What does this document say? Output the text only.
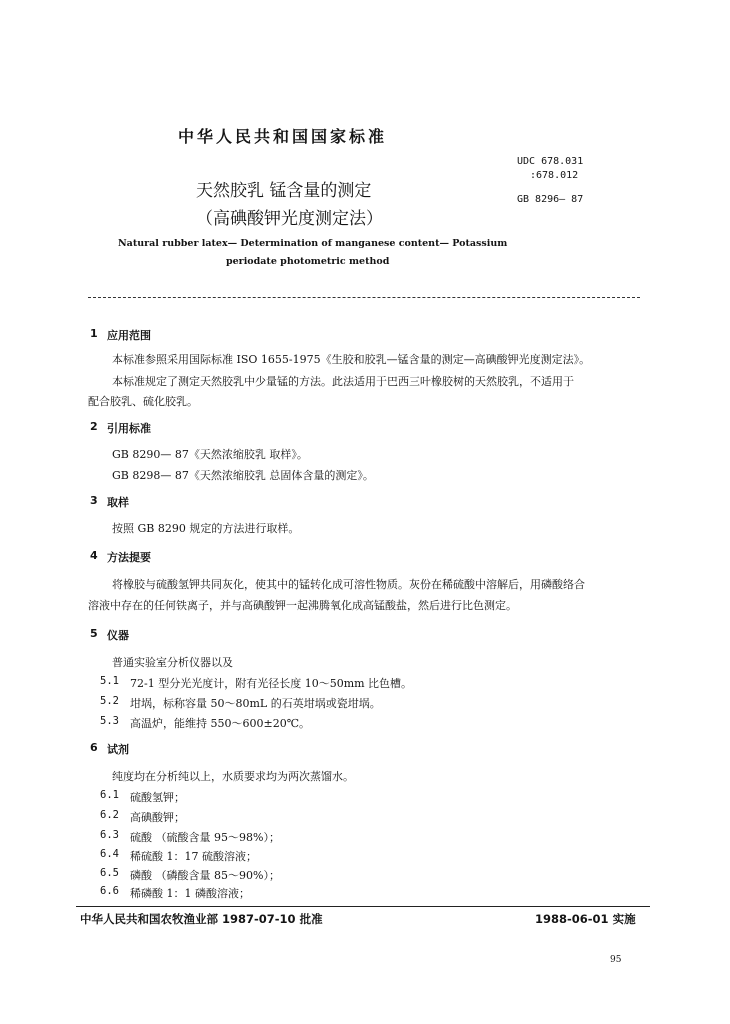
中华人民共和国国家标准
UDC 678.031
:678.012
GB 8296— 87
天然胶乳 锰含量的测定
（高碘酸钾光度测定法）
Natural rubber latex— Determination of manganese content— Potassium
periodate photometric method
1 应用范围
本标准参照采用国际标准 ISO 1655-1975《生胶和胶乳—锰含量的测定—高碘酸钾光度测定法》。
本标准规定了测定天然胶乳中少量锰的方法。此法适用于巴西三叶橡胶树的天然胶乳，不适用于
配合胶乳、硫化胶乳。
2 引用标准
GB 8290— 87《天然浓缩胶乳 取样》。
GB 8298— 87《天然浓缩胶乳 总固体含量的测定》。
3 取样
按照 GB 8290 规定的方法进行取样。
4 方法提要
将橡胶与硫酸氢钾共同灰化，使其中的锰转化成可溶性物质。灰份在稀硫酸中溶解后，用磷酸络合
溶液中存在的任何铁离子，并与高碘酸钾一起沸腾氧化成高锰酸盐，然后进行比色测定。
5 仪器
普通实验室分析仪器以及
5.1 72-1 型分光光度计，附有光径长度 10～50mm 比色槽。
5.2 坩埚，标称容量 50～80mL 的石英坩埚或瓷坩埚。
5.3 高温炉，能维持 550～600±20℃。
6 试剂
纯度均在分析纯以上，水质要求均为两次蒸馏水。
6.1 硫酸氢钾；
6.2 高碘酸钾；
6.3 硫酸 （硫酸含量 95～98%）；
6.4 稀硫酸 1：17 硫酸溶液；
6.5 磷酸 （磷酸含量 85～90%）；
6.6 稀磷酸 1：1 磷酸溶液；
中华人民共和国农牧渔业部 1987-07-10 批准	1988-06-01 实施
95
